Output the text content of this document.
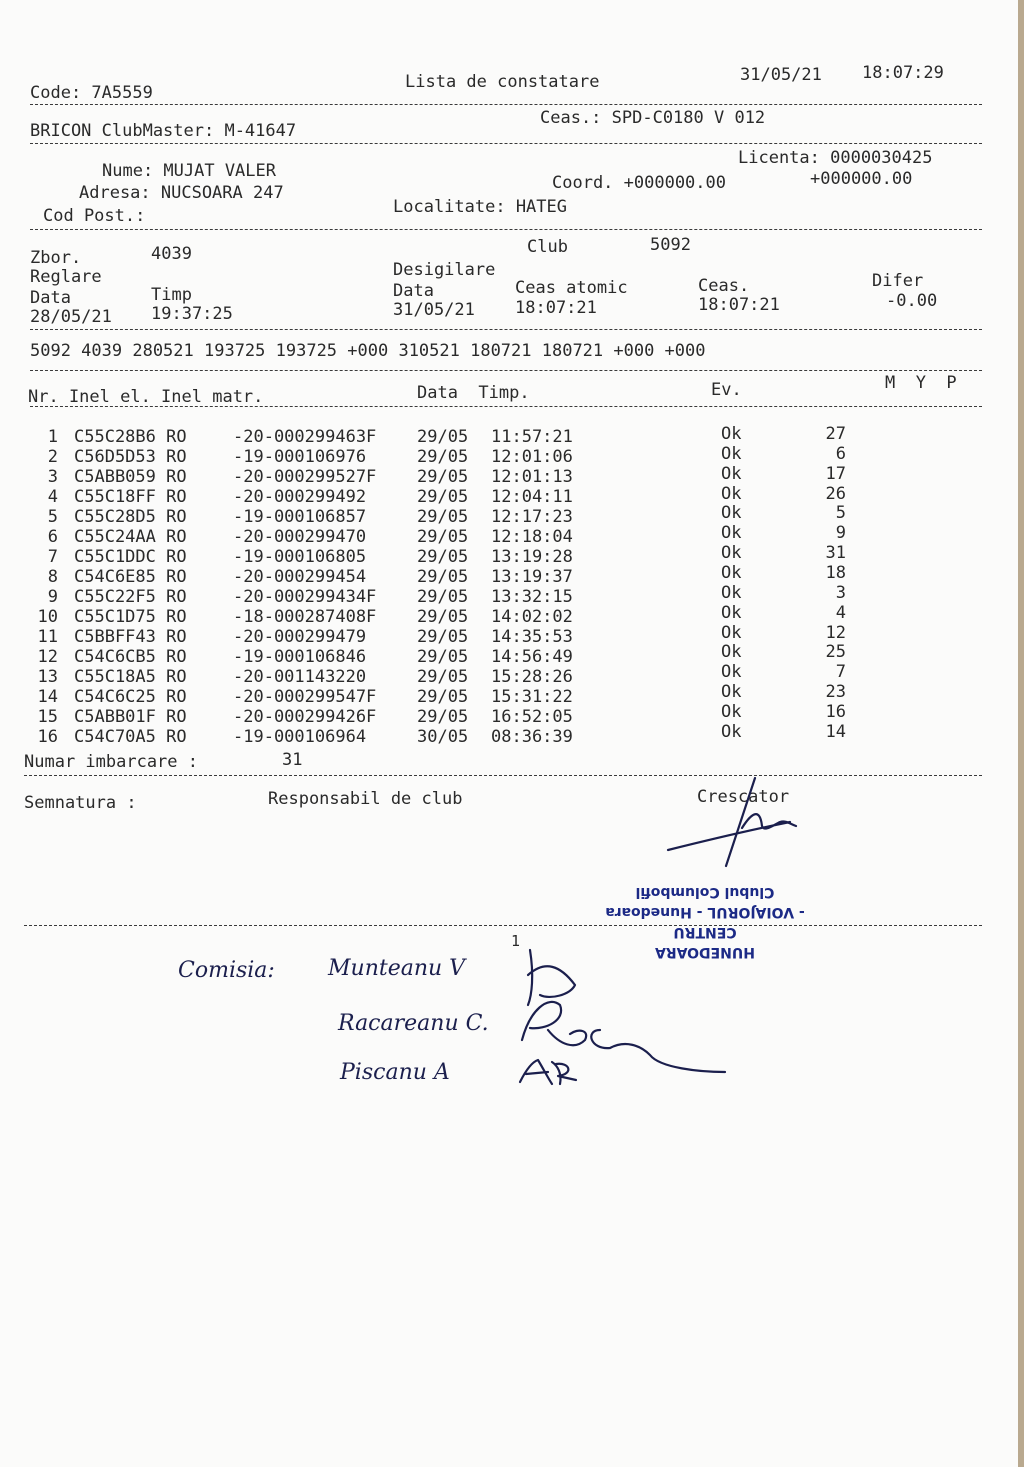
Code: 7A5559
Lista de constatare	31/05/21 18:07:29
BRICON ClubMaster: M-41647
Ceas.: SPD-C0180 V 012
Licenta: 0000030425
Nume: MUJAT VALER
Adresa: NUCSOARA 247	Coord. +000000.00	+000000.00
Cod Post.:	Localitate: HATEG
Zbor.	4039	Club	5092
Reglare	Desigilare
Data	Timp	Data	Ceas atomic	Ceas.	Difer
28/05/21 19:37:25	31/05/21 18:07:21	18:07:21	-0.00
5092 4039 280521 193725 193725 +000 310521 180721 180721 +000 +000
Nr. Inel el. Inel matr.	Data  Timp.	Ev.	M  Y  P
1 C55C28B6 RO	-20-000299463F 29/05 11:57:21	Ok	27
2 C56D5D53 RO	-19-000106976	29/05 12:01:06	Ok	6
3 C5ABB059 RO	-20-000299527F 29/05 12:01:13	Ok	17
4 C55C18FF RO	-20-000299492	29/05 12:04:11	Ok	26
5 C55C28D5 RO	-19-000106857	29/05 12:17:23	Ok	5
6 C55C24AA RO	-20-000299470	29/05 12:18:04	Ok	9
7 C55C1DDC RO	-19-000106805	29/05 13:19:28	Ok	31
8 C54C6E85 RO	-20-000299454	29/05 13:19:37	Ok	18
9 C55C22F5 RO	-20-000299434F 29/05 13:32:15	Ok	3
10 C55C1D75 RO	-18-000287408F 29/05 14:02:02	Ok	4
11 C5BBFF43 RO	-20-000299479	29/05 14:35:53	Ok	12
12 C54C6CB5 RO	-19-000106846	29/05 14:56:49	Ok	25
13 C55C18A5 RO	-20-001143220	29/05 15:28:26	Ok	7
14 C54C6C25 RO	-20-000299547F 29/05 15:31:22	Ok	23
15 C5ABB01F RO	-20-000299426F 29/05 16:52:05	Ok	16
16 C54C70A5 RO	-19-000106964	30/05 08:36:39	Ok	14
Numar imbarcare :	31
Semnatura :	Responsabil de club	Crescator
1
HUNEDOARA
CENTRU
- VOIAJORUL - Hunedoara
Clubul Columbofil
Comisia: Munteanu V
Racareanu C.
Piscanu A
